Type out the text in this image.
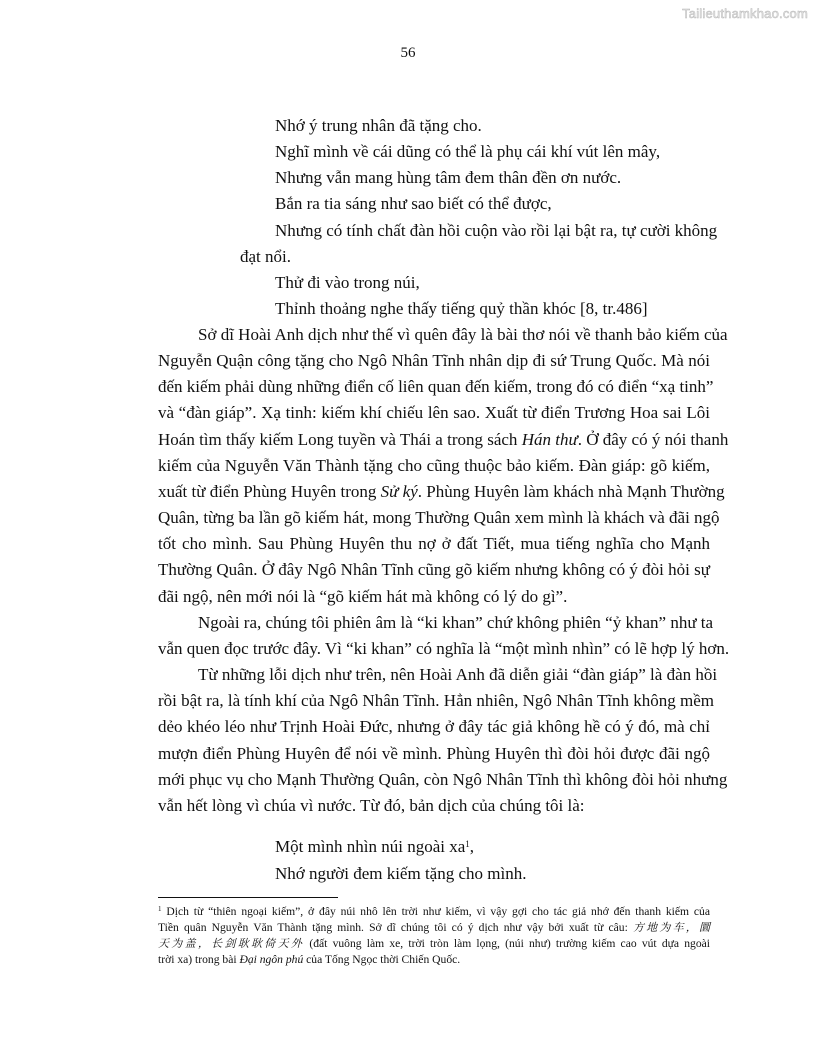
Tailieuthamkhao.com
56
Nhớ ý trung nhân đã tặng cho.
Nghĩ mình về cái dũng có thể là phụ cái khí vút lên mây,
Nhưng vẫn mang hùng tâm đem thân đền ơn nước.
Bắn ra tia sáng như sao biết có thể được,
Nhưng có tính chất đàn hồi cuộn vào rồi lại bật ra, tự cười không
đạt nổi.
Thử đi vào trong núi,
Thỉnh thoảng nghe thấy tiếng quỷ thần khóc [8, tr.486]
Sở dĩ Hoài Anh dịch như thế vì quên đây là bài thơ nói về thanh bảo kiếm của
Nguyễn Quận công tặng cho Ngô Nhân Tĩnh nhân dịp đi sứ Trung Quốc. Mà nói
đến kiếm phải dùng những điển cố liên quan đến kiếm, trong đó có điển “xạ tinh”
và “đàn giáp”. Xạ tinh: kiếm khí chiếu lên sao. Xuất từ điển Trương Hoa sai Lôi
Hoán tìm thấy kiếm Long tuyền và Thái a trong sách Hán thư. Ở đây có ý nói thanh
kiếm của Nguyễn Văn Thành tặng cho cũng thuộc bảo kiếm. Đàn giáp: gõ kiếm,
xuất từ điển Phùng Huyên trong Sử ký. Phùng Huyên làm khách nhà Mạnh Thường
Quân, từng ba lần gõ kiếm hát, mong Thường Quân xem mình là khách và đãi ngộ
tốt cho mình. Sau Phùng Huyên thu nợ ở đất Tiết, mua tiếng nghĩa cho Mạnh
Thường Quân. Ở đây Ngô Nhân Tĩnh cũng gõ kiếm nhưng không có ý đòi hỏi sự
đãi ngộ, nên mới nói là “gõ kiếm hát mà không có lý do gì”.
Ngoài ra, chúng tôi phiên âm là “ki khan” chứ không phiên “ỷ khan” như ta
vẫn quen đọc trước đây. Vì “ki khan” có nghĩa là “một mình nhìn” có lẽ hợp lý hơn.
Từ những lỗi dịch như trên, nên Hoài Anh đã diễn giải “đàn giáp” là đàn hồi
rồi bật ra, là tính khí của Ngô Nhân Tĩnh. Hẳn nhiên, Ngô Nhân Tĩnh không mềm
dẻo khéo léo như Trịnh Hoài Đức, nhưng ở đây tác giả không hề có ý đó, mà chỉ
mượn điển Phùng Huyên để nói về mình. Phùng Huyên thì đòi hỏi được đãi ngộ
mới phục vụ cho Mạnh Thường Quân, còn Ngô Nhân Tĩnh thì không đòi hỏi nhưng
vẫn hết lòng vì chúa vì nước. Từ đó, bản dịch của chúng tôi là:
Một mình nhìn núi ngoài $xa^1$,
Nhớ người đem kiếm tặng cho mình.
$^1$ Dịch từ “thiên ngoại kiếm”, ở đây núi nhô lên trời như kiếm, vì vậy gợi cho tác giả nhớ đến thanh kiếm của
Tiền quân Nguyễn Văn Thành tặng mình. Sở dĩ chúng tôi có ý dịch như vậy bởi xuất từ câu: 方地为车，圜
天为盖，长剑耿耿倚天外 (đất vuông làm xe, trời tròn làm lọng, (núi như) trường kiếm cao vút dựa ngoài
trời xa) trong bài Đại ngôn phú của Tống Ngọc thời Chiến Quốc.
